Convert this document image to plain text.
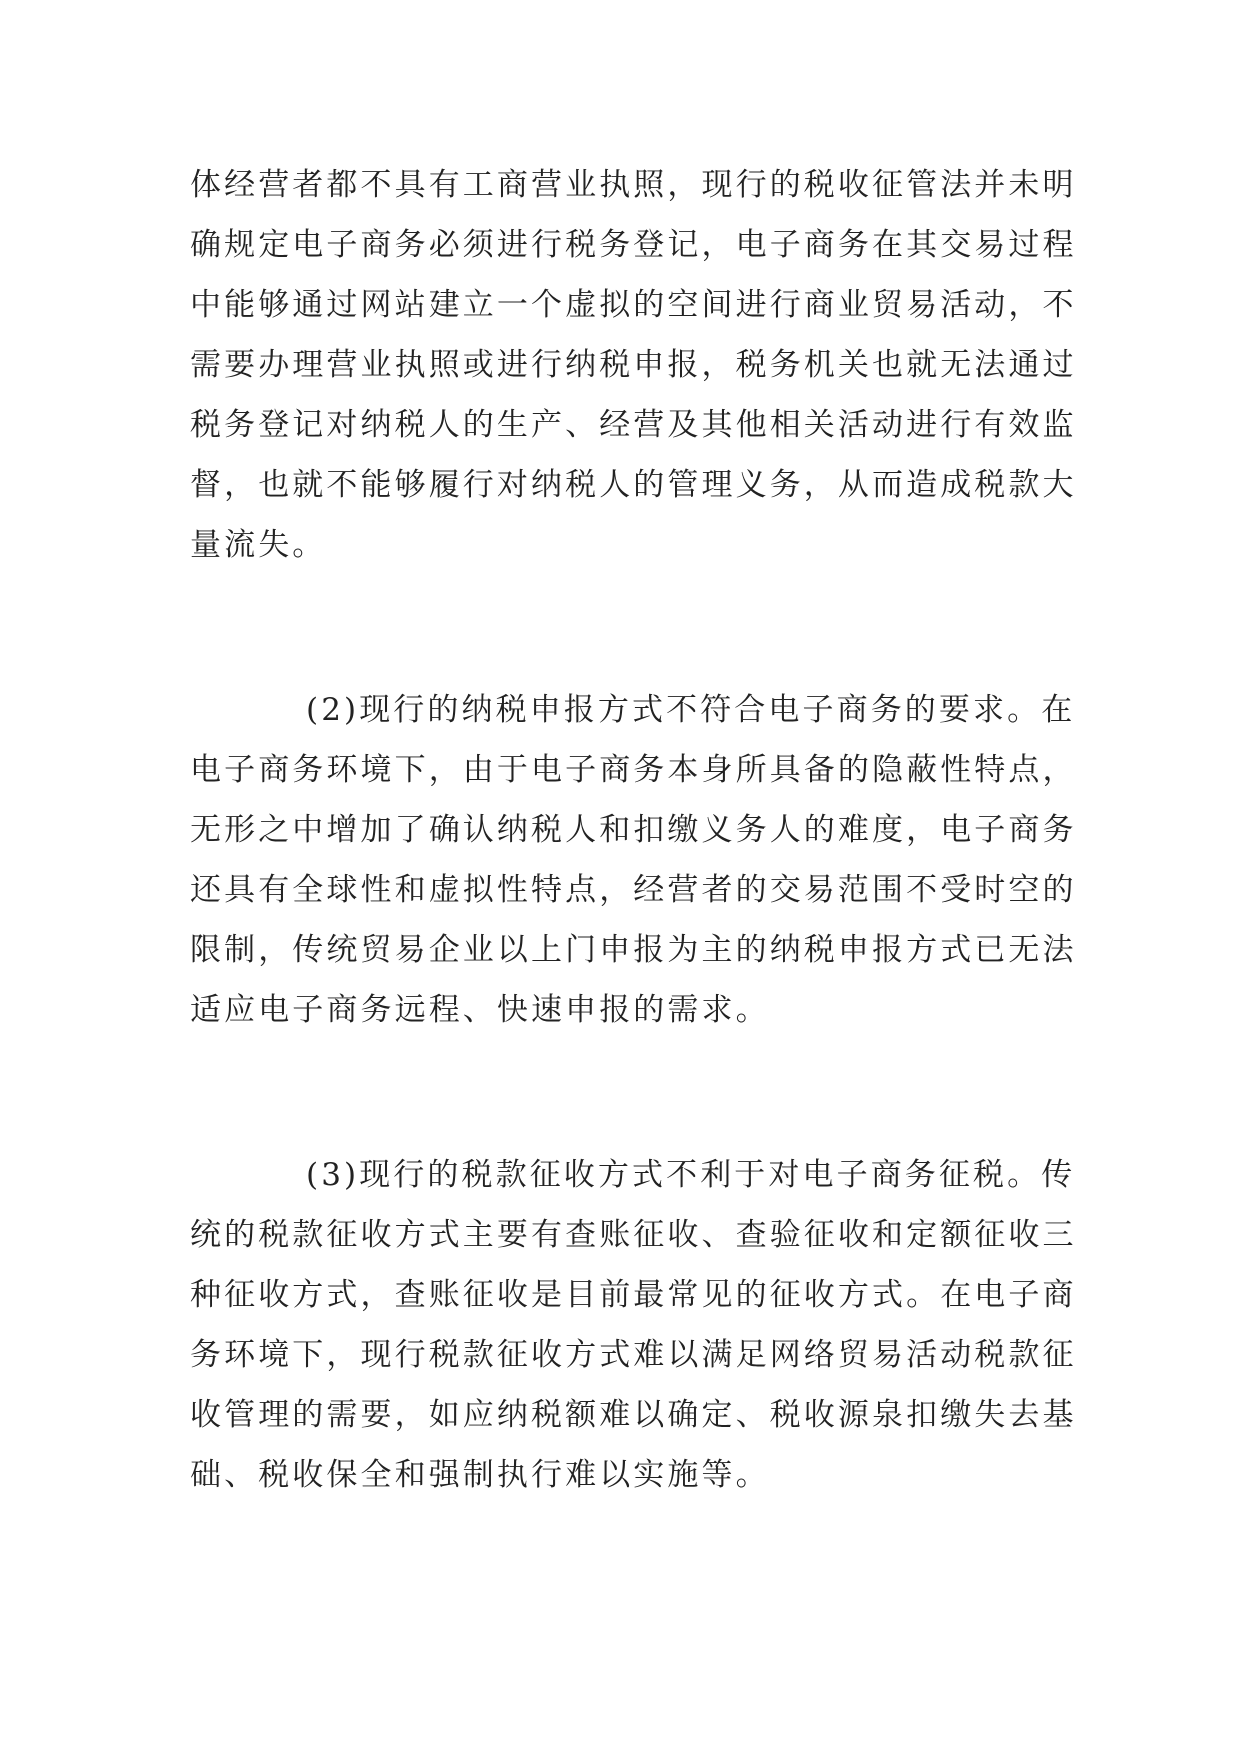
体经营者都不具有工商营业执照，现行的税收征管法并未明
确规定电子商务必须进行税务登记，电子商务在其交易过程
中能够通过网站建立一个虚拟的空间进行商业贸易活动，不
需要办理营业执照或进行纳税申报，税务机关也就无法通过
税务登记对纳税人的生产、经营及其他相关活动进行有效监
督，也就不能够履行对纳税人的管理义务，从而造成税款大
量流失。
(2)现行的纳税申报方式不符合电子商务的要求。在
电子商务环境下，由于电子商务本身所具备的隐蔽性特点，
无形之中增加了确认纳税人和扣缴义务人的难度，电子商务
还具有全球性和虚拟性特点，经营者的交易范围不受时空的
限制，传统贸易企业以上门申报为主的纳税申报方式已无法
适应电子商务远程、快速申报的需求。
(3)现行的税款征收方式不利于对电子商务征税。传
统的税款征收方式主要有查账征收、查验征收和定额征收三
种征收方式，查账征收是目前最常见的征收方式。在电子商
务环境下，现行税款征收方式难以满足网络贸易活动税款征
收管理的需要，如应纳税额难以确定、税收源泉扣缴失去基
础、税收保全和强制执行难以实施等。
